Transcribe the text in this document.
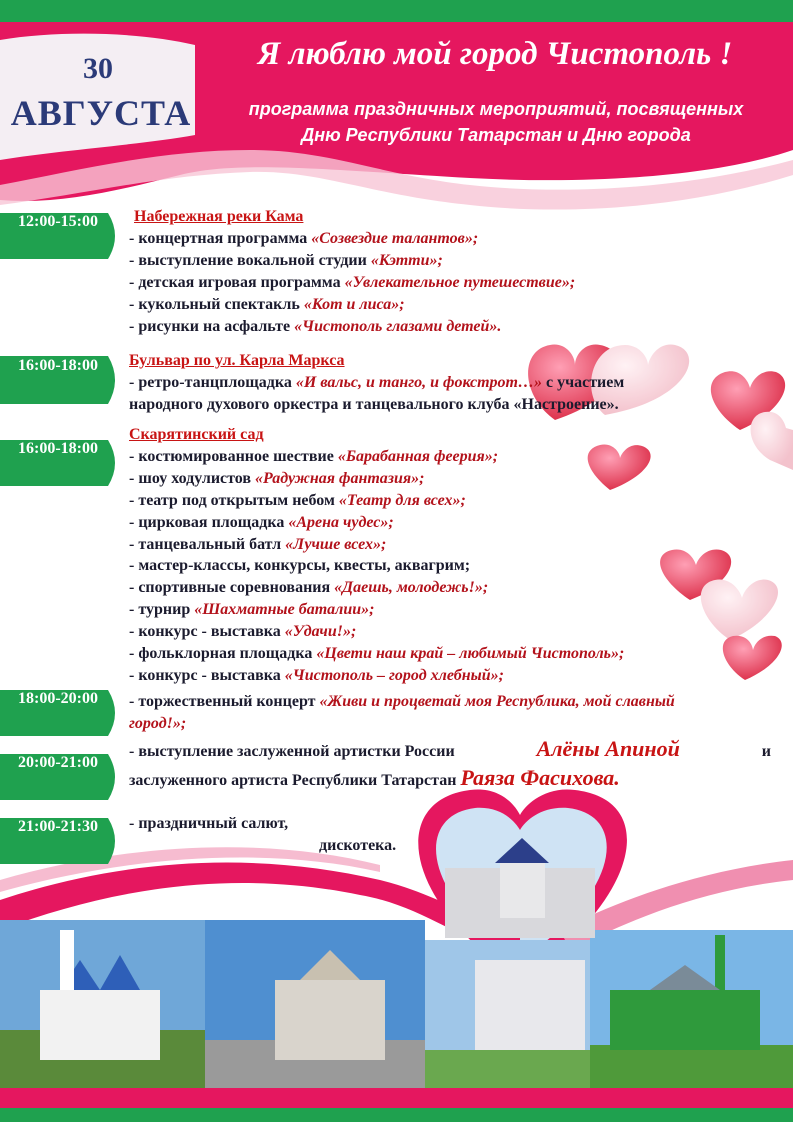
30
АВГУСТА
Я люблю мой город Чистополь !
программа праздничных мероприятий, посвященных
Дню Республики Татарстан и Дню города
12:00-15:00
16:00-18:00
16:00-18:00
18:00-20:00
20:00-21:00
21:00-21:30
Набережная реки Кама
- концертная программа «Созвездие талантов»;
- выступление вокальной студии «Кэтти»;
- детская игровая программа «Увлекательное путешествие»;
- кукольный спектакль «Кот и лиса»;
- рисунки на асфальте «Чистополь глазами детей».
Бульвар по ул. Карла Маркса
- ретро-танцплощадка «И вальс, и танго, и фокстрот…» с участием
народного духового оркестра и танцевального клуба «Настроение».
Скарятинский сад
- костюмированное шествие «Барабанная феерия»;
- шоу ходулистов «Радужная фантазия»;
- театр под открытым небом «Театр для всех»;
- цирковая площадка «Арена чудес»;
- танцевальный батл «Лучше всех»;
- мастер-классы, конкурсы, квесты, аквагрим;
- спортивные соревнования «Даешь, молодежь!»;
- турнир «Шахматные баталии»;
- конкурс - выставка «Удачи!»;
- фольклорная площадка «Цвети наш край – любимый Чистополь»;
- конкурс - выставка «Чистополь – город хлебный»;
- торжественный концерт «Живи и процветай моя Республика, мой славный
город!»;
- выступление заслуженной артистки России	Алёны Апиной	и
заслуженного артиста Республики Татарстан Раяза Фасихова.
- праздничный салют,
дискотека.
